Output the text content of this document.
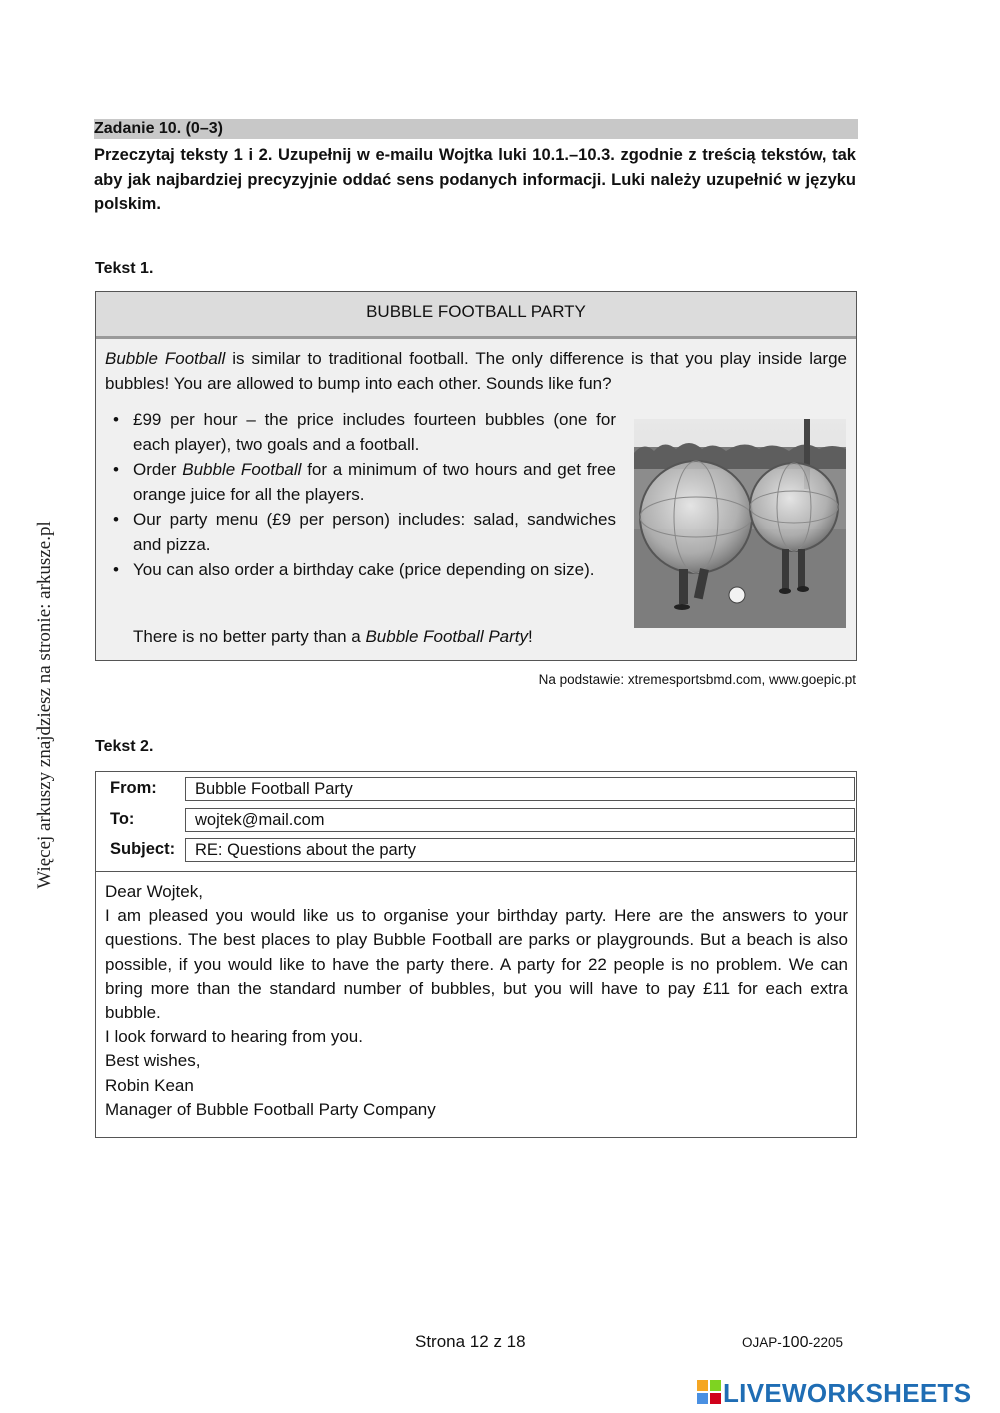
Więcej arkuszy znajdziesz na stronie: arkusze.pl
Zadanie 10. (0–3)
Przeczytaj teksty 1 i 2. Uzupełnij w e-mailu Wojtka luki 10.1.–10.3. zgodnie z treścią tekstów, tak aby jak najbardziej precyzyjnie oddać sens podanych informacji. Luki należy uzupełnić w języku polskim.
Tekst 1.
BUBBLE FOOTBALL PARTY
Bubble Football is similar to traditional football. The only difference is that you play inside large bubbles! You are allowed to bump into each other. Sounds like fun?
• £99 per hour – the price includes fourteen bubbles (one for each player), two goals and a football.
• Order Bubble Football for a minimum of two hours and get free orange juice for all the players.
• Our party menu (£9 per person) includes: salad, sandwiches and pizza.
• You can also order a birthday cake (price depending on size).
There is no better party than a Bubble Football Party!
Na podstawie: xtremesportsbmd.com, www.goepic.pt
Tekst 2.
From:	Bubble Football Party
To:	wojtek@mail.com
Subject:	RE: Questions about the party

Dear Wojtek,

I am pleased you would like us to organise your birthday party. Here are the answers to your questions. The best places to play Bubble Football are parks or playgrounds. But a beach is also possible, if you would like to have the party there. A party for 22 people is no problem. We can bring more than the standard number of bubbles, but you will have to pay £11 for each extra bubble.

I look forward to hearing from you.

Best wishes,

Robin Kean

Manager of Bubble Football Party Company

Strona 12 z 18	OJAP-100-2205
LIVEWORKSHEETS
